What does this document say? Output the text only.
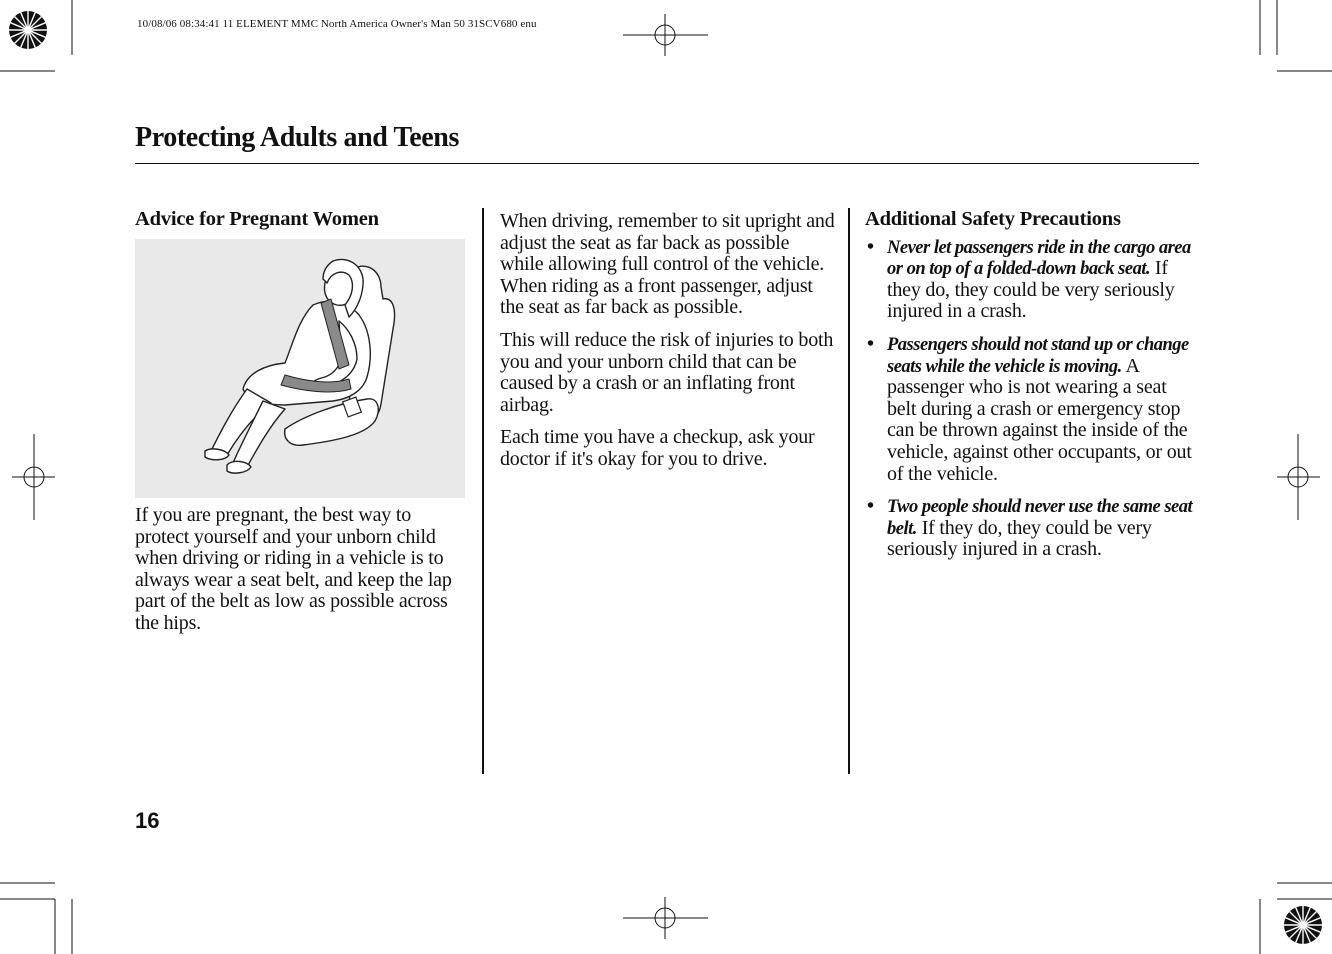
10/08/06 08:34:41 11 ELEMENT MMC North America Owner's Man 50 31SCV680 enu
Protecting Adults and Teens
Advice for Pregnant Women

If you are pregnant, the best way to protect yourself and your unborn child when driving or riding in a vehicle is to always wear a seat belt, and keep the lap part of the belt as low as possible across the hips.

When driving, remember to sit upright and adjust the seat as far back as possible while allowing full control of the vehicle. When riding as a front passenger, adjust the seat as far back as possible.

This will reduce the risk of injuries to both you and your unborn child that can be caused by a crash or an inflating front airbag.

Each time you have a checkup, ask your doctor if it's okay for you to drive.

Additional Safety Precautions
• Never let passengers ride in the cargo area or on top of a folded-down back seat. If they do, they could be very seriously injured in a crash.
• Passengers should not stand up or change seats while the vehicle is moving. A passenger who is not wearing a seat belt during a crash or emergency stop can be thrown against the inside of the vehicle, against other occupants, or out of the vehicle.
• Two people should never use the same seat belt. If they do, they could be very seriously injured in a crash.
16
